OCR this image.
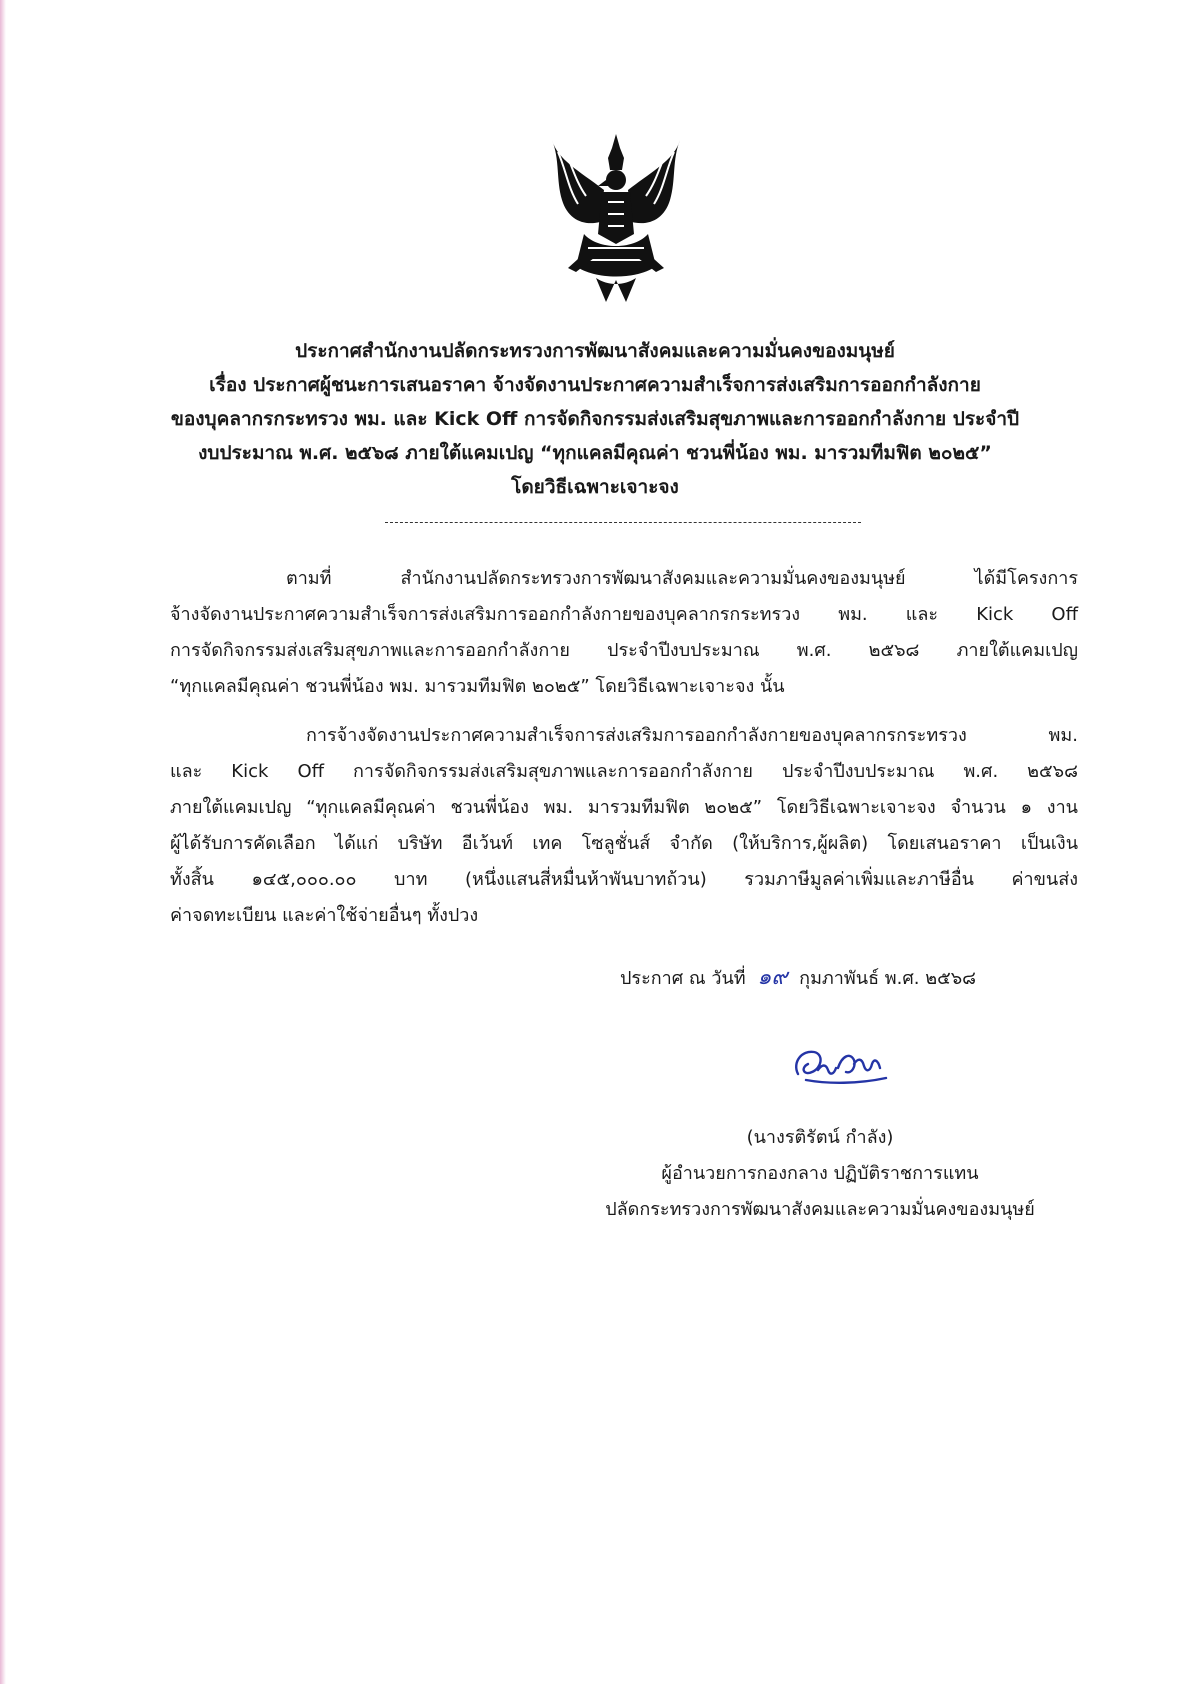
ประกาศสำนักงานปลัดกระทรวงการพัฒนาสังคมและความมั่นคงของมนุษย์
เรื่อง ประกาศผู้ชนะการเสนอราคา จ้างจัดงานประกาศความสำเร็จการส่งเสริมการออกกำลังกาย
ของบุคลากรกระทรวง พม. และ Kick Off การจัดกิจกรรมส่งเสริมสุขภาพและการออกกำลังกาย ประจำปี
งบประมาณ พ.ศ. ๒๕๖๘ ภายใต้แคมเปญ “ทุกแคลมีคุณค่า ชวนพี่น้อง พม. มารวมทีมฟิต ๒๐๒๕”
โดยวิธีเฉพาะเจาะจง
ตามที่ สำนักงานปลัดกระทรวงการพัฒนาสังคมและความมั่นคงของมนุษย์ ได้มีโครงการ
จ้างจัดงานประกาศความสำเร็จการส่งเสริมการออกกำลังกายของบุคลากรกระทรวง พม. และ Kick Off
การจัดกิจกรรมส่งเสริมสุขภาพและการออกกำลังกาย ประจำปีงบประมาณ พ.ศ. ๒๕๖๘ ภายใต้แคมเปญ
“ทุกแคลมีคุณค่า ชวนพี่น้อง พม. มารวมทีมฟิต ๒๐๒๕” โดยวิธีเฉพาะเจาะจง นั้น
การจ้างจัดงานประกาศความสำเร็จการส่งเสริมการออกกำลังกายของบุคลากรกระทรวง พม.
และ Kick Off การจัดกิจกรรมส่งเสริมสุขภาพและการออกกำลังกาย ประจำปีงบประมาณ พ.ศ. ๒๕๖๘
ภายใต้แคมเปญ “ทุกแคลมีคุณค่า ชวนพี่น้อง พม. มารวมทีมฟิต ๒๐๒๕” โดยวิธีเฉพาะเจาะจง จำนวน ๑ งาน
ผู้ได้รับการคัดเลือก ได้แก่ บริษัท อีเว้นท์ เทค โซลูชั่นส์ จำกัด (ให้บริการ,ผู้ผลิต) โดยเสนอราคา เป็นเงิน
ทั้งสิ้น ๑๔๕,๐๐๐.๐๐ บาท (หนึ่งแสนสี่หมื่นห้าพันบาทถ้วน) รวมภาษีมูลค่าเพิ่มและภาษีอื่น ค่าขนส่ง
ค่าจดทะเบียน และค่าใช้จ่ายอื่นๆ ทั้งปวง
ประกาศ ณ วันที่ ๑๙ กุมภาพันธ์ พ.ศ. ๒๕๖๘
(นางรติรัตน์ กำลัง)
ผู้อำนวยการกองกลาง ปฏิบัติราชการแทน
ปลัดกระทรวงการพัฒนาสังคมและความมั่นคงของมนุษย์
